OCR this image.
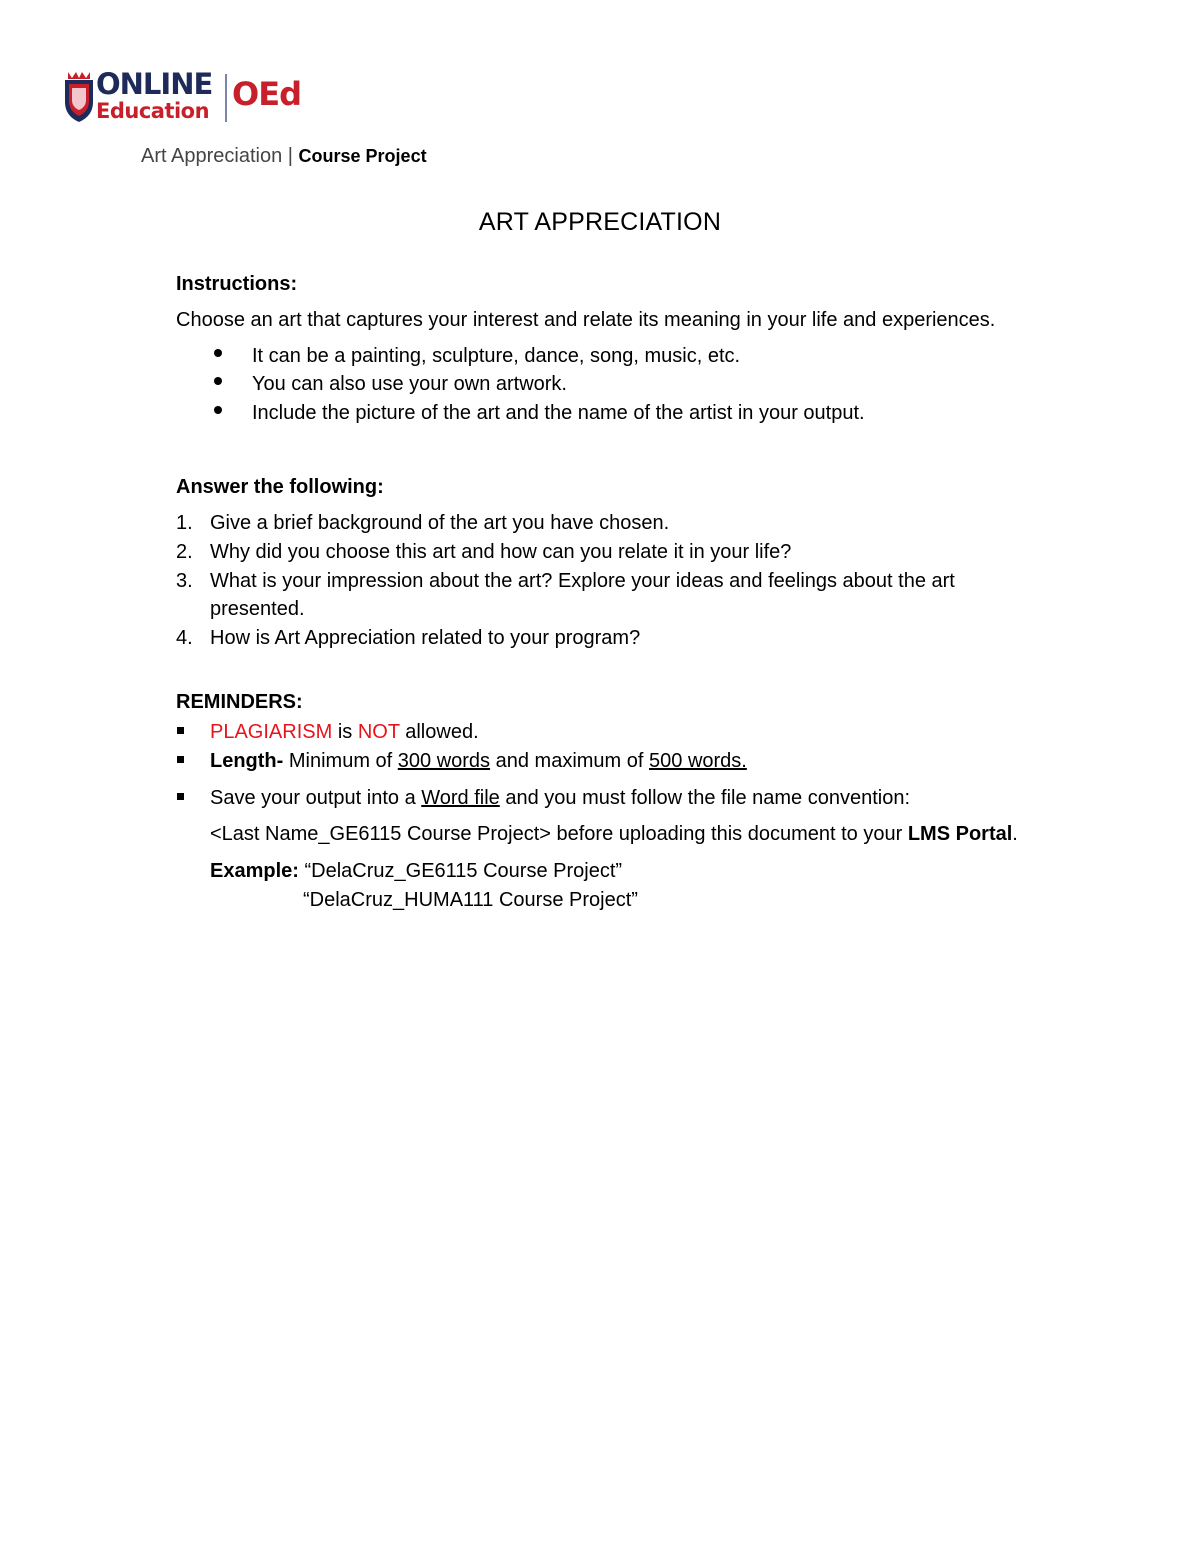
ONLINE
Education OEd
Art Appreciation | Course Project
ART APPRECIATION
Instructions:
Choose an art that captures your interest and relate its meaning in your life and experiences.
It can be a painting, sculpture, dance, song, music, etc.
You can also use your own artwork.
Include the picture of the art and the name of the artist in your output.
Answer the following:
1. Give a brief background of the art you have chosen.
2. Why did you choose this art and how can you relate it in your life?
3. What is your impression about the art? Explore your ideas and feelings about the art
presented.
4. How is Art Appreciation related to your program?
REMINDERS:
PLAGIARISM is NOT allowed.
Length- Minimum of 300 words and maximum of 500 words.
Save your output into a Word file and you must follow the file name convention:
<Last Name_GE6115 Course Project> before uploading this document to your LMS Portal.
Example: “DelaCruz_GE6115 Course Project”
“DelaCruz_HUMA111 Course Project”
